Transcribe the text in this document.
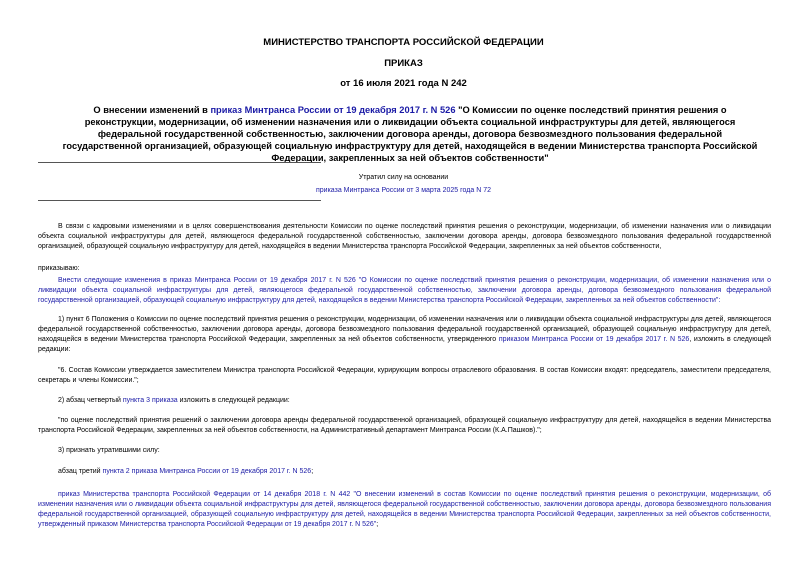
МИНИСТЕРСТВО ТРАНСПОРТА РОССИЙСКОЙ ФЕДЕРАЦИИ
ПРИКАЗ
от 16 июля 2021 года N 242
О внесении изменений в приказ Минтранса России от 19 декабря 2017 г. N 526 "О Комиссии по оценке последствий принятия решения о реконструкции, модернизации, об изменении назначения или о ликвидации объекта социальной инфраструктуры для детей, являющегося федеральной государственной собственностью, заключении договора аренды, договора безвозмездного пользования федеральной государственной организацией, образующей социальную инфраструктуру для детей, находящейся в ведении Министерства транспорта Российской Федерации, закрепленных за ней объектов собственности"
Утратил силу на основании
приказа Минтранса России от 3 марта 2025 года N 72
В связи с кадровыми изменениями и в целях совершенствования деятельности Комиссии по оценке последствий принятия решения о реконструкции, модернизации, об изменении назначения или о ликвидации объекта социальной инфраструктуры для детей, являющегося федеральной государственной собственностью, заключении договора аренды, договора безвозмездного пользования федеральной государственной организацией, образующей социальную инфраструктуру для детей, находящейся в ведении Министерства транспорта Российской Федерации, закрепленных за ней объектов собственности,
приказываю:
Внести следующие изменения в приказ Минтранса России от 19 декабря 2017 г. N 526 "О Комиссии по оценке последствий принятия решения о реконструкции, модернизации, об изменении назначения или о ликвидации объекта социальной инфраструктуры для детей, являющегося федеральной государственной собственностью, заключении договора аренды, договора безвозмездного пользования федеральной государственной организацией, образующей социальную инфраструктуру для детей, находящейся в ведении Министерства транспорта Российской Федерации, закрепленных за ней объектов собственности":
1) пункт 6 Положения о Комиссии по оценке последствий принятия решения о реконструкции, модернизации, об изменении назначения или о ликвидации объекта социальной инфраструктуры для детей, являющегося федеральной государственной собственностью, заключении договора аренды, договора безвозмездного пользования федеральной государственной организацией, образующей социальную инфраструктуру для детей, находящейся в ведении Министерства транспорта Российской Федерации, закрепленных за ней объектов собственности, утвержденного приказом Минтранса России от 19 декабря 2017 г. N 526, изложить в следующей редакции:
"6. Состав Комиссии утверждается заместителем Министра транспорта Российской Федерации, курирующим вопросы отраслевого образования. В состав Комиссии входят: председатель, заместители председателя, секретарь и члены Комиссии.";
2) абзац четвертый пункта 3 приказа изложить в следующей редакции:
"по оценке последствий принятия решений о заключении договора аренды федеральной государственной организацией, образующей социальную инфраструктуру для детей, находящейся в ведении Министерства транспорта Российской Федерации, закрепленных за ней объектов собственности, на Административный департамент Минтранса России (К.А.Пашков).";
3) признать утратившими силу:
абзац третий пункта 2 приказа Минтранса России от 19 декабря 2017 г. N 526;
приказ Министерства транспорта Российской Федерации от 14 декабря 2018 г. N 442 "О внесении изменений в состав Комиссии по оценке последствий принятия решения о реконструкции, модернизации, об изменении назначения или о ликвидации объекта социальной инфраструктуры для детей, являющегося федеральной государственной собственностью, заключении договора аренды, договора безвозмездного пользования федеральной государственной организацией, образующей социальную инфраструктуру для детей, находящейся в ведении Министерства транспорта Российской Федерации, закрепленных за ней объектов собственности, утвержденный приказом Министерства транспорта Российской Федерации от 19 декабря 2017 г. N 526";
